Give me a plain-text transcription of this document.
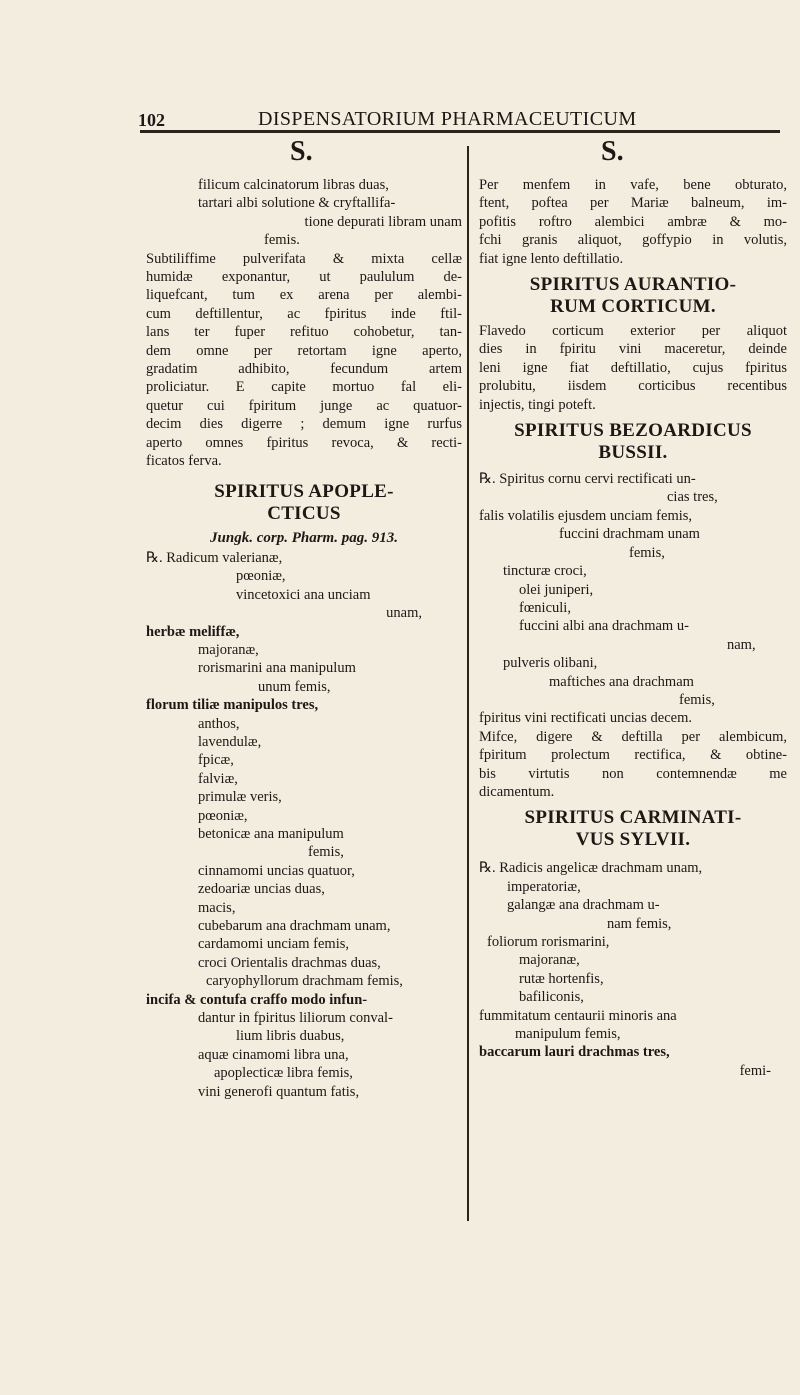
102	DISPENSATORIUM PHARMACEUTICUM
S.	S.

filicum calcinatorum libras duas,

tartari albi solutione & cryftallifa-

tione depurati libram unam

femis.

Subtiliffime pulverifata & mixta cellæ

humidæ exponantur, ut paululum de-

liquefcant, tum ex arena per alembi-

cum deftillentur, ac fpiritus inde ftil-

lans ter fuper refituo cohobetur, tan-

dem omne per retortam igne aperto,

gradatim adhibito, fecundum artem

proliciatur. E capite mortuo fal eli-

quetur cui fpiritum junge ac quatuor-

decim dies digerre ; demum igne rurfus

aperto omnes fpiritus revoca, & recti-

ficatos ferva.

SPIRITUS APOPLE-
CTICUS
Jungk. corp. Pharm. pag. 913.

℞. Radicum valerianæ,

pœoniæ,

vincetoxici ana unciam

unam,

herbæ meliffæ,

majoranæ,

rorismarini ana manipulum

unum femis,

florum tiliæ manipulos tres,

anthos,

lavendulæ,

fpicæ,

falviæ,

primulæ veris,

pœoniæ,

betonicæ ana manipulum

femis,

cinnamomi uncias quatuor,

zedoariæ uncias duas,

macis,

cubebarum ana drachmam unam,

cardamomi unciam femis,

croci Orientalis drachmas duas,

caryophyllorum drachmam femis,

incifa & contufa craffo modo infun-

dantur in fpiritus liliorum conval-

lium libris duabus,

aquæ cinamomi libra una,

apoplecticæ libra femis,

vini generofi quantum fatis,

Per menfem in vafe, bene obturato,

ftent, poftea per Mariæ balneum, im-

pofitis roftro alembici ambræ & mo-

fchi granis aliquot, goffypio in volutis,

fiat igne lento deftillatio.

SPIRITUS AURANTIO-
RUM CORTICUM.

Flavedo corticum exterior per aliquot

dies in fpiritu vini maceretur, deinde

leni igne fiat deftillatio, cujus fpiritus

prolubitu, iisdem corticibus recentibus

injectis, tingi poteft.

SPIRITUS BEZOARDICUS
BUSSII.

℞. Spiritus cornu cervi rectificati un-

cias tres,

falis volatilis ejusdem unciam femis,

fuccini drachmam unam

femis,

tincturæ croci,

olei juniperi,

fœniculi,

fuccini albi ana drachmam u-

nam,

pulveris olibani,

maftiches ana drachmam

femis,

fpiritus vini rectificati uncias decem.

Mifce, digere & deftilla per alembicum,

fpiritum prolectum rectifica, & obtine-

bis virtutis non contemnendæ me

dicamentum.

SPIRITUS CARMINATI-
VUS SYLVII.

℞. Radicis angelicæ drachmam unam,

imperatoriæ,

galangæ ana drachmam u-

nam femis,

foliorum rorismarini,

majoranæ,

rutæ hortenfis,

bafiliconis,

fummitatum centaurii minoris ana

manipulum femis,

baccarum lauri drachmas tres,

femi-
